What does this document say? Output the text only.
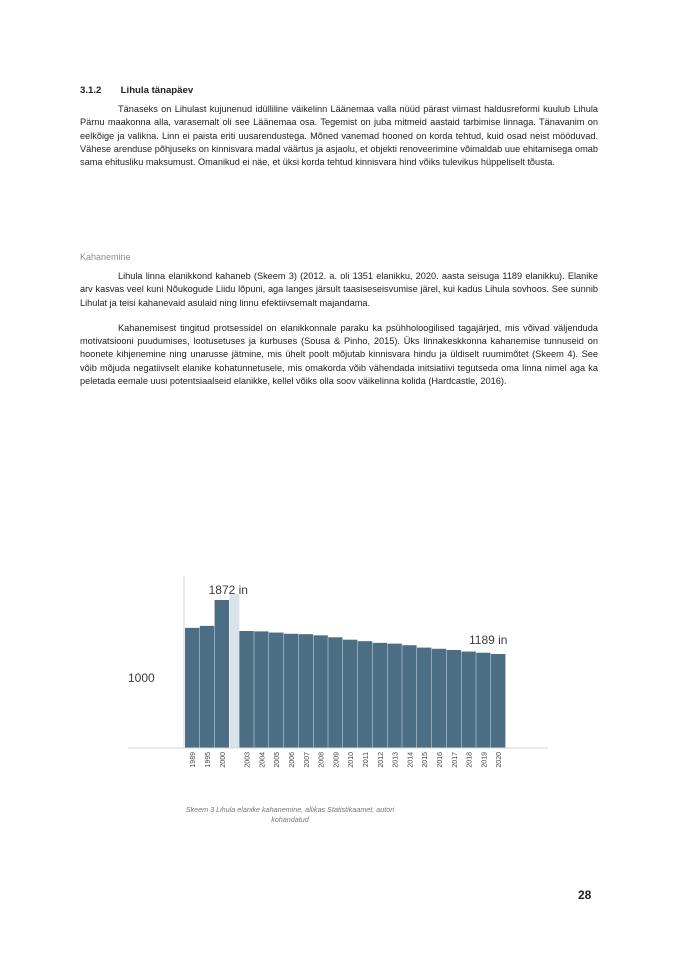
3.1.2 Lihula tänapäev

Tänaseks on Lihulast kujunenud idülliline väikelinn Läänemaa valla nüüd pärast viimast haldusreformi kuulub Lihula Pärnu maakonna alla, varasemalt oli see Läänemaa osa. Tegemist on juba mitmeid aastaid tarbimise linnaga. Tänavanim on eelkõige ja valikna. Linn ei paista eriti uusarendustega. Mõned vanemad hooned on korda tehtud, kuid osad neist mööduvad. Vähese arenduse põhjuseks on kinnisvara madal väärtus ja asjaolu, et objekti renoveerimine võimaldab uue ehitamisega omab sama ehitusliku maksumust. Omanikud ei näe, et üksi korda tehtud kinnisvara hind võiks tulevikus hüppeliselt tõusta.

Kahanemine

Lihula linna elanikkond kahaneb (Skeem 3) (2012. a. oli 1351 elanikku, 2020. aasta seisuga 1189 elanikku). Elanike arv kasvas veel kuni Nõukogude Liidu lõpuni, aga langes järsult taasiseseisvumise järel, kui kadus Lihula sovhoos. See sunnib Lihulat ja teisi kahanevaid asulaid ning linnu efektiivsemalt majandama.

Kahanemisest tingitud protsessidel on elanikkonnale paraku ka psühholoogilised tagajärjed, mis võivad väljenduda motivatsiooni puudumises, lootusetuses ja kurbuses (Sousa & Pinho, 2015). Üks linnakeskkonna kahanemise tunnuseid on hoonete kihjenemine ning unarusse jätmine, mis ühelt poolt mõjutab kinnisvara hindu ja üldiselt ruumimõtet (Skeem 4). See võib mõjuda negatiivselt elanike kohatunnetusele, mis omakorda võib vähendada initsiatiivi tegutseda oma linna nimel aga ka peletada eemale uusi potentsiaalseid elanikke, kellel võiks olla soov väikelinna kolida (Hardcastle, 2016).

1989 1995 2000	2003 2004 2005 2006 2007 2008 2009 2010 2011 2012 2013 2014 2015 2016 2017 2018 2019 2020
1000
1872 in
1189 in
Skeem 3 Lihula elanike kahanemine, allikas Statistikaamet, autori kohandatud
28
